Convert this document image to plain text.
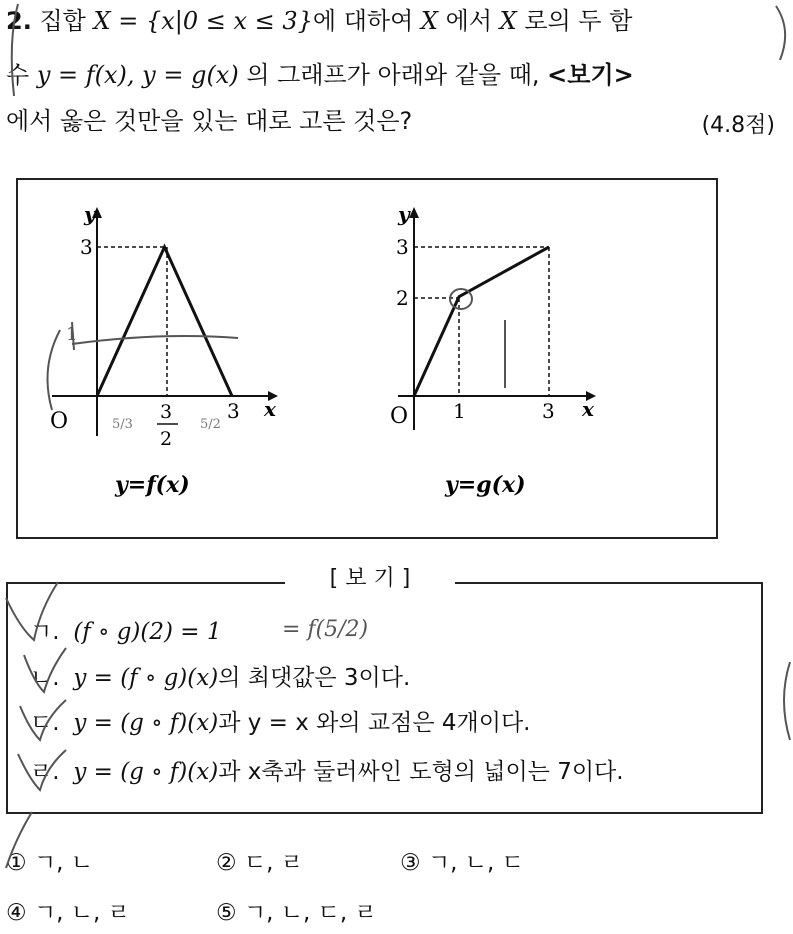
2. 집합 X = {x|0 ≤ x ≤ 3}에 대하여 X 에서 X 로의 두 함
수 y = f(x), y = g(x) 의 그래프가 아래와 같을 때, <보기>
에서 옳은 것만을 있는 대로 고른 것은?	(4.8점)
y
x
O
3
3
2
3
y=f(x)
y
x
O
3
2
1	3
y=g(x)
[ 보 기 ]
ㄱ. (f ∘ g)(2) = 1
ㄴ. y = (f ∘ g)(x)의 최댓값은 3이다.
ㄷ. y = (g ∘ f)(x)과 y = x 와의 교점은 4개이다.
ㄹ. y = (g ∘ f)(x)과 x축과 둘러싸인 도형의 넓이는 7이다.
① ㄱ, ㄴ	② ㄷ, ㄹ	③ ㄱ, ㄴ, ㄷ
④ ㄱ, ㄴ, ㄹ	⑤ ㄱ, ㄴ, ㄷ, ㄹ
= f(5/2)
5/3	5/2
1
